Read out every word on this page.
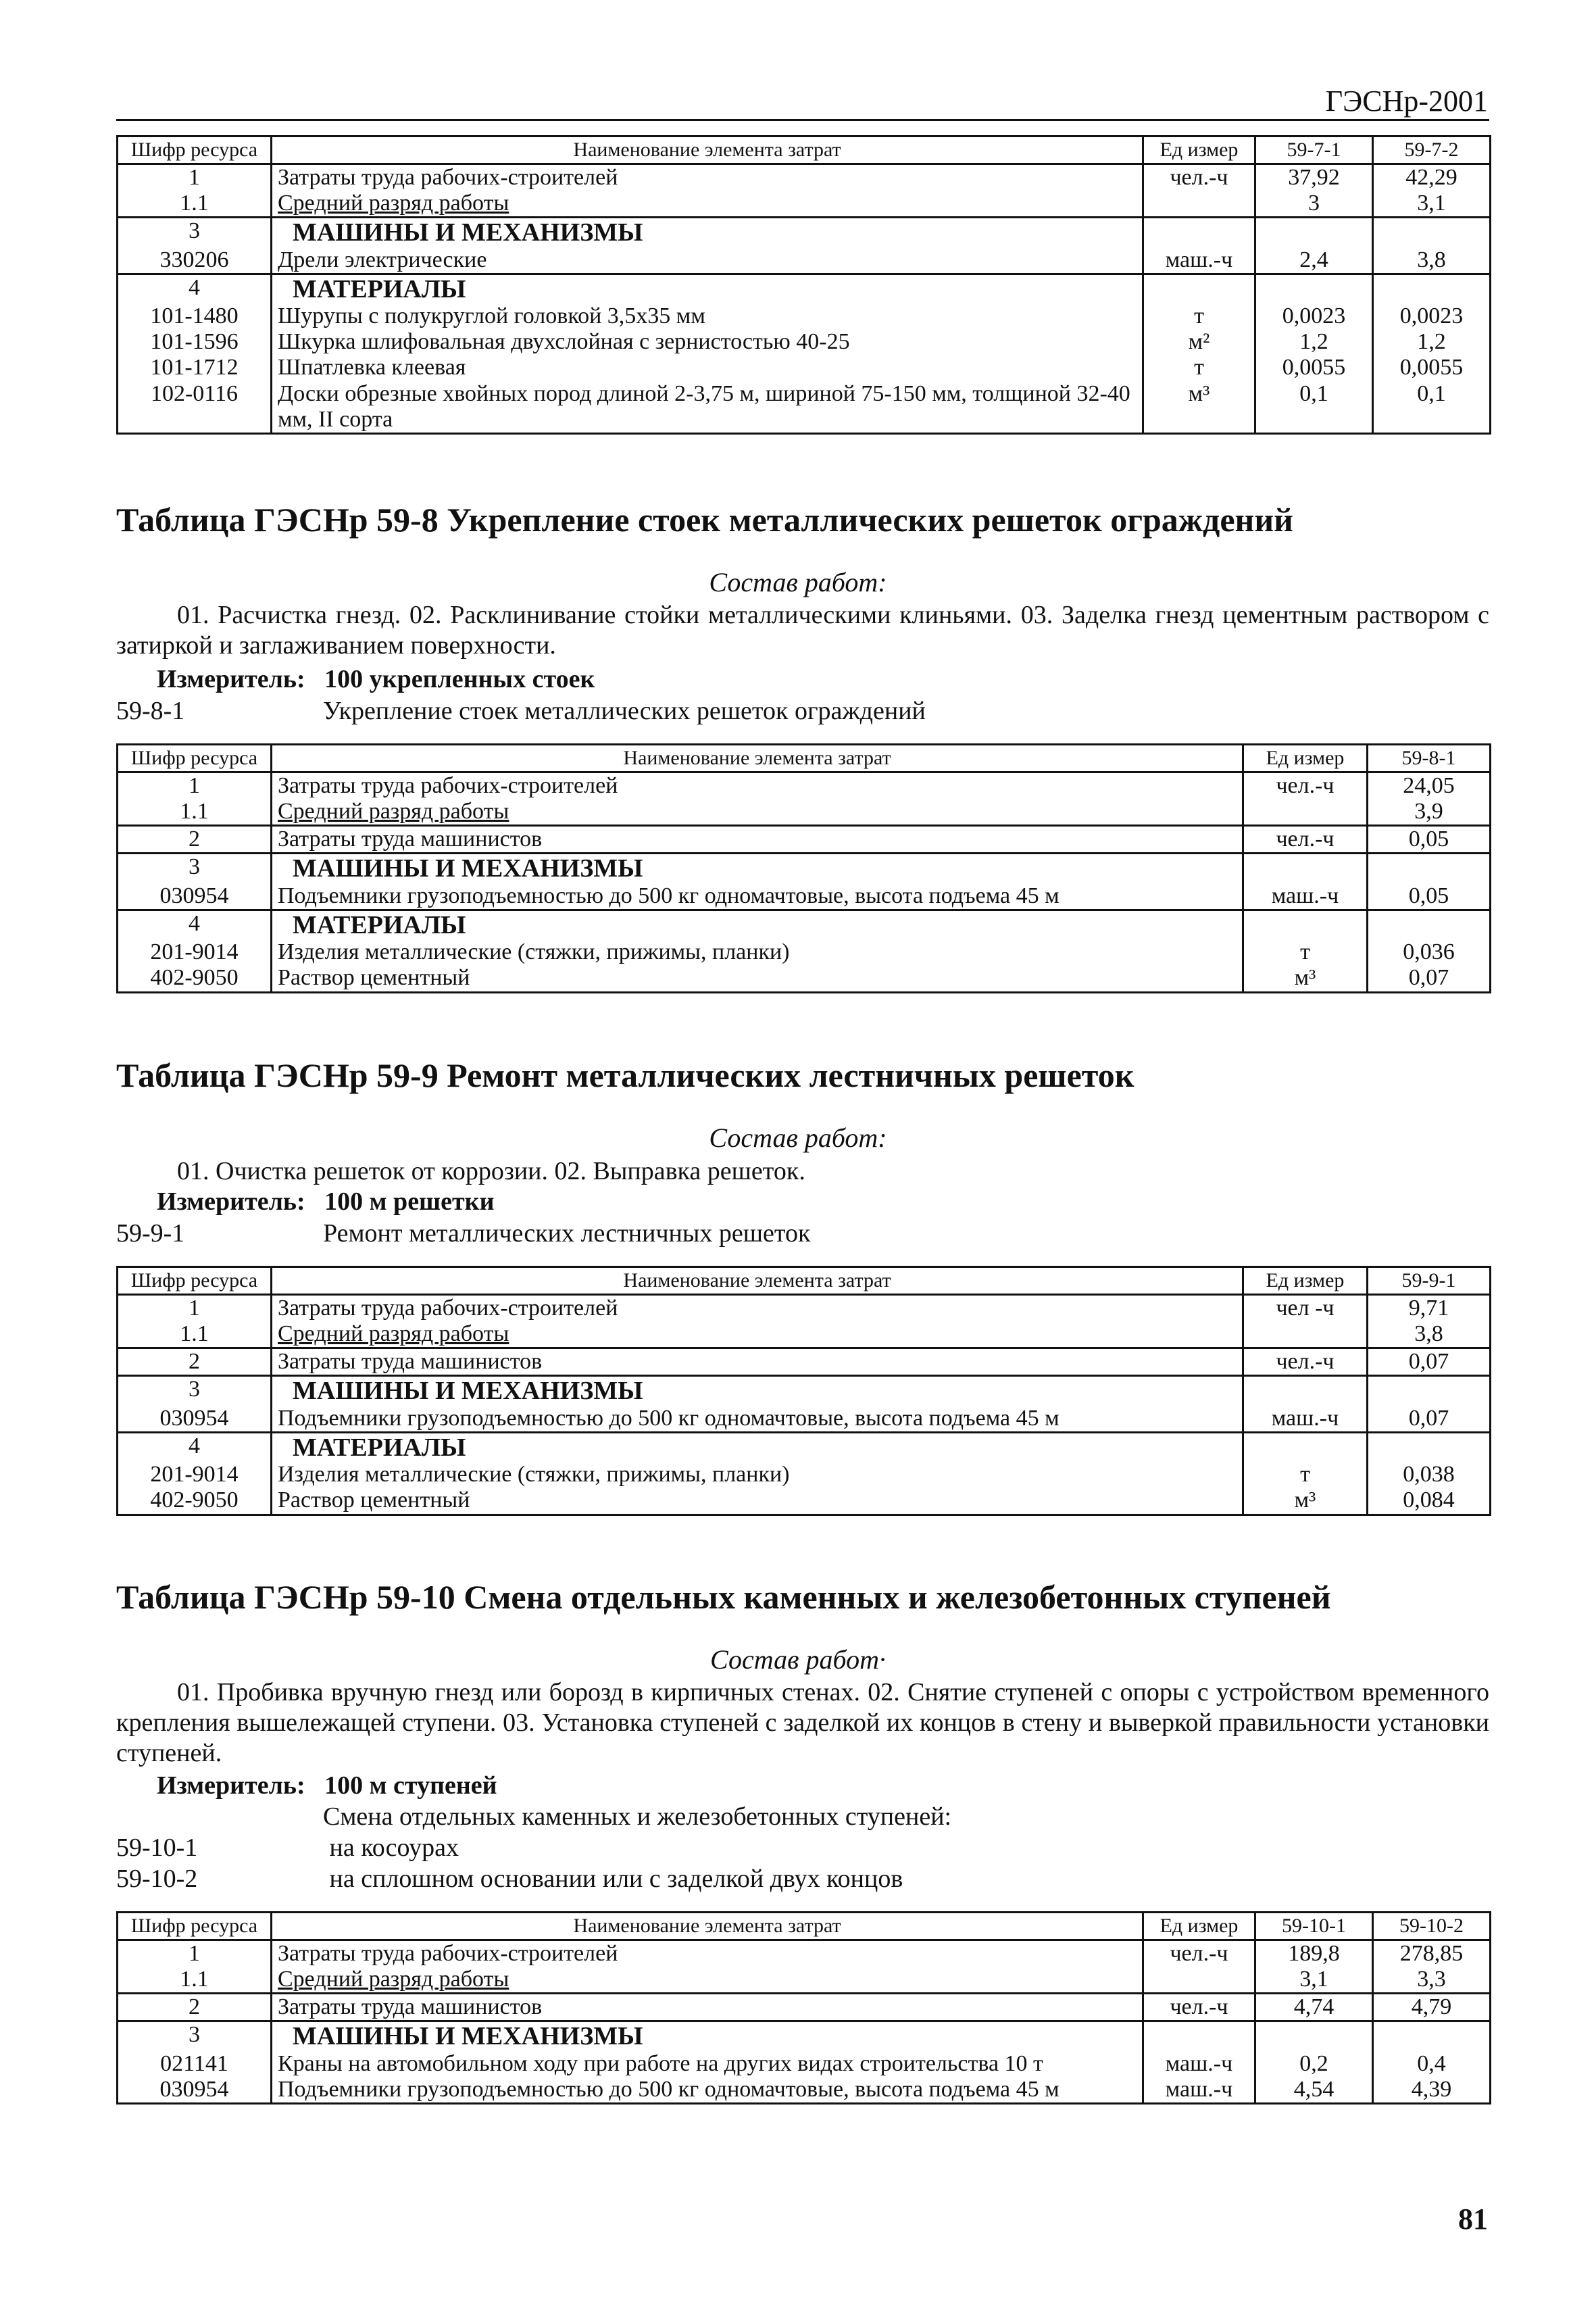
ГЭСНр-2001
Шифр ресурса	Наименование элемента затрат	Ед измер	59-7-1	59-7-2
1	Затраты труда рабочих-строителей	чел.-ч	37,92	42,29
1.1	Средний разряд работы		3	3,1
3	МАШИНЫ И МЕХАНИЗМЫ			
330206	Дрели электрические	маш.-ч	2,4	3,8
4	МАТЕРИАЛЫ			
101-1480	Шурупы с полукруглой головкой 3,5x35 мм	т	0,0023	0,0023
101-1596	Шкурка шлифовальная двухслойная с зернистостью 40-25	м²	1,2	1,2
101-1712	Шпатлевка клеевая	т	0,0055	0,0055
102-0116	Доски обрезные хвойных пород длиной 2-3,75 м, шириной 75-150 мм, толщиной 32-40 мм, II сорта	м³	0,1	0,1
Таблица ГЭСНр 59-8 Укрепление стоек металлических решеток ограждений
Состав работ:
01. Расчистка гнезд. 02. Расклинивание стойки металлическими клиньями. 03. Заделка гнезд цементным раствором с затиркой и заглаживанием поверхности.
Измеритель: 100 укрепленных стоек
59-8-1	Укрепление стоек металлических решеток ограждений
Шифр ресурса	Наименование элемента затрат	Ед измер	59-8-1
1	Затраты труда рабочих-строителей	чел.-ч	24,05
1.1	Средний разряд работы		3,9
2	Затраты труда машинистов	чел.-ч	0,05
3	МАШИНЫ И МЕХАНИЗМЫ		
030954	Подъемники грузоподъемностью до 500 кг одномачтовые, высота подъема 45 м	маш.-ч	0,05
4	МАТЕРИАЛЫ		
201-9014	Изделия металлические (стяжки, прижимы, планки)	т	0,036
402-9050	Раствор цементный	м³	0,07
Таблица ГЭСНр 59-9 Ремонт металлических лестничных решеток
Состав работ:
01. Очистка решеток от коррозии. 02. Выправка решеток.
Измеритель: 100 м решетки
59-9-1	Ремонт металлических лестничных решеток
Шифр ресурса	Наименование элемента затрат	Ед измер	59-9-1
1	Затраты труда рабочих-строителей	чел -ч	9,71
1.1	Средний разряд работы		3,8
2	Затраты труда машинистов	чел.-ч	0,07
3	МАШИНЫ И МЕХАНИЗМЫ		
030954	Подъемники грузоподъемностью до 500 кг одномачтовые, высота подъема 45 м	маш.-ч	0,07
4	МАТЕРИАЛЫ		
201-9014	Изделия металлические (стяжки, прижимы, планки)	т	0,038
402-9050	Раствор цементный	м³	0,084
Таблица ГЭСНр 59-10 Смена отдельных каменных и железобетонных ступеней
Состав работ·
01. Пробивка вручную гнезд или борозд в кирпичных стенах. 02. Снятие ступеней с опоры с устройством временного крепления вышележащей ступени. 03. Установка ступеней с заделкой их концов в стену и выверкой правильности установки ступеней.
Измеритель: 100 м ступеней
Смена отдельных каменных и железобетонных ступеней:
59-10-1	на косоурах
59-10-2	на сплошном основании или с заделкой двух концов
Шифр ресурса	Наименование элемента затрат	Ед измер	59-10-1	59-10-2
1	Затраты труда рабочих-строителей	чел.-ч	189,8	278,85
1.1	Средний разряд работы		3,1	3,3
2	Затраты труда машинистов	чел.-ч	4,74	4,79
3	МАШИНЫ И МЕХАНИЗМЫ			
021141	Краны на автомобильном ходу при работе на других видах строительства 10 т	маш.-ч	0,2	0,4
030954	Подъемники грузоподъемностью до 500 кг одномачтовые, высота подъема 45 м	маш.-ч	4,54	4,39
81
